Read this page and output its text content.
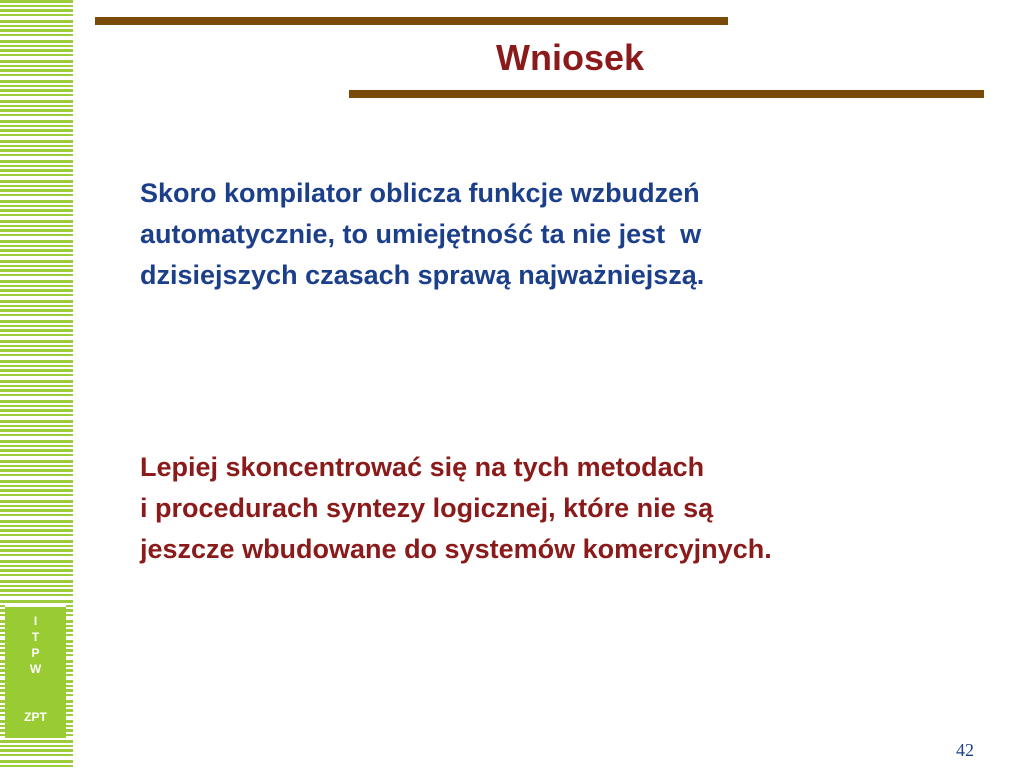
I
T
P
W
ZPT
Wniosek

Skoro kompilator oblicza funkcje wzbudzeń
automatycznie, to umiejętność ta nie jest  w
dzisiejszych czasach sprawą najważniejszą.

Lepiej skoncentrować się na tych metodach
i procedurach syntezy logicznej, które nie są
jeszcze wbudowane do systemów komercyjnych.

42
